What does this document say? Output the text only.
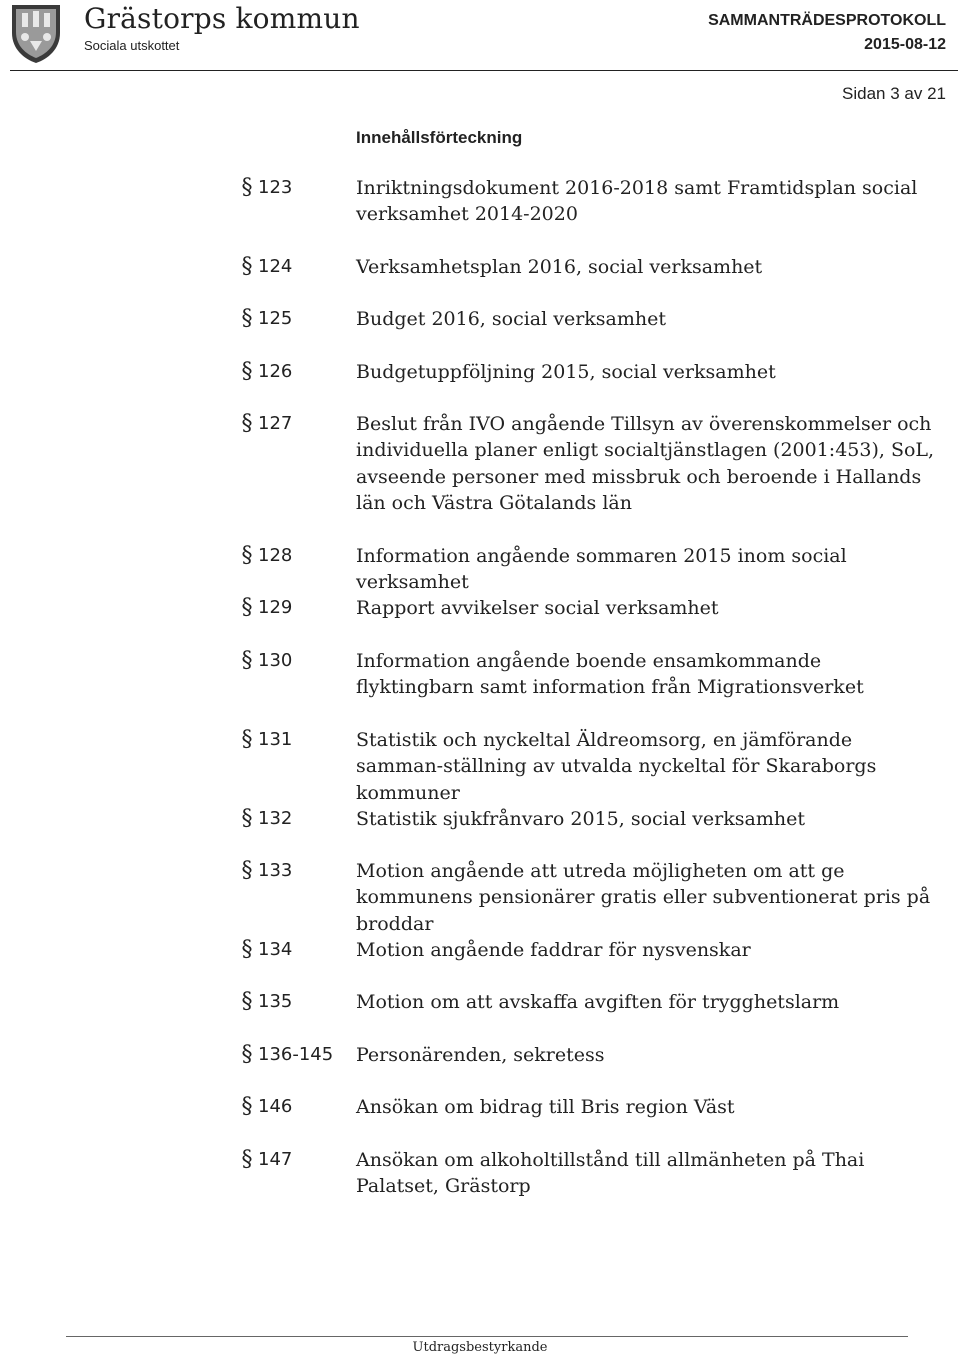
Grästorps kommun
Sociala utskottet
SAMMANTRÄDESPROTOKOLL
2015-08-12
Sidan 3 av 21
Innehållsförteckning
§ 123	Inriktningsdokument 2016-2018 samt Framtidsplan social verksamhet 2014-2020
§ 124	Verksamhetsplan 2016, social verksamhet
§ 125	Budget 2016, social verksamhet
§ 126	Budgetuppföljning 2015, social verksamhet
§ 127	Beslut från IVO angående Tillsyn av överenskommelser och individuella planer enligt socialtjänstlagen (2001:453), SoL, avseende personer med missbruk och beroende i Hallands län och Västra Götalands län
§ 128	Information angående sommaren 2015 inom social verksamhet
§ 129	Rapport avvikelser social verksamhet
§ 130	Information angående boende ensamkommande flyktingbarn samt information från Migrationsverket
§ 131	Statistik och nyckeltal Äldreomsorg, en jämförande samman-ställning av utvalda nyckeltal för Skaraborgs kommuner
§ 132	Statistik sjukfrånvaro 2015, social verksamhet
§ 133	Motion angående att utreda möjligheten om att ge kommunens pensionärer gratis eller subventionerat pris på broddar
§ 134	Motion angående faddrar för nysvenskar
§ 135	Motion om att avskaffa avgiften för trygghetslarm
§ 136-145 Personärenden, sekretess
§ 146	Ansökan om bidrag till Bris region Väst
§ 147	Ansökan om alkoholtillstånd till allmänheten på Thai Palatset, Grästorp
Utdragsbestyrkande
